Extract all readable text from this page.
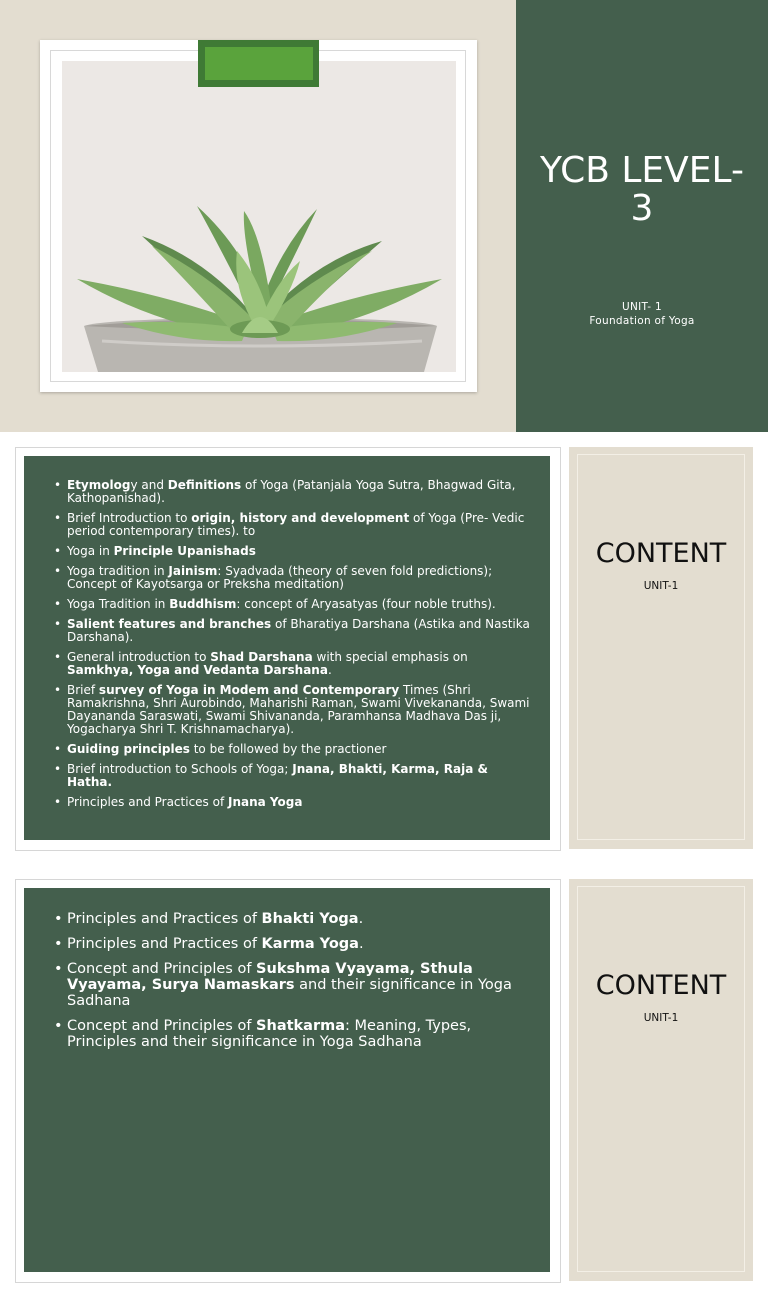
YCB LEVEL-
3
UNIT- 1
Foundation of Yoga
• Etymology and Definitions of Yoga (Patanjala Yoga Sutra, Bhagwad Gita, Kathopanishad).
• Brief Introduction to origin, history and development of Yoga (Pre- Vedic period contemporary times). to
• Yoga in Principle Upanishads
• Yoga tradition in Jainism: Syadvada (theory of seven fold predictions); Concept of Kayotsarga or Preksha meditation)
• Yoga Tradition in Buddhism: concept of Aryasatyas (four noble truths).
• Salient features and branches of Bharatiya Darshana (Astika and Nastika Darshana).
• General introduction to Shad Darshana with special emphasis on Samkhya, Yoga and Vedanta Darshana.
• Brief survey of Yoga in Modem and Contemporary Times (Shri Ramakrishna, Shri Aurobindo, Maharishi Raman, Swami Vivekananda, Swami Dayananda Saraswati, Swami Shivananda, Paramhansa Madhava Das ji, Yogacharya Shri T. Krishnamacharya).
• Guiding principles to be followed by the practioner
• Brief introduction to Schools of Yoga; Jnana, Bhakti, Karma, Raja & Hatha.
• Principles and Practices of Jnana Yoga
CONTENT
UNIT-1
• Principles and Practices of Bhakti Yoga.
• Principles and Practices of Karma Yoga.
• Concept and Principles of Sukshma Vyayama, Sthula Vyayama, Surya Namaskars and their significance in Yoga Sadhana
• Concept and Principles of Shatkarma: Meaning, Types, Principles and their significance in Yoga Sadhana
CONTENT
UNIT-1
